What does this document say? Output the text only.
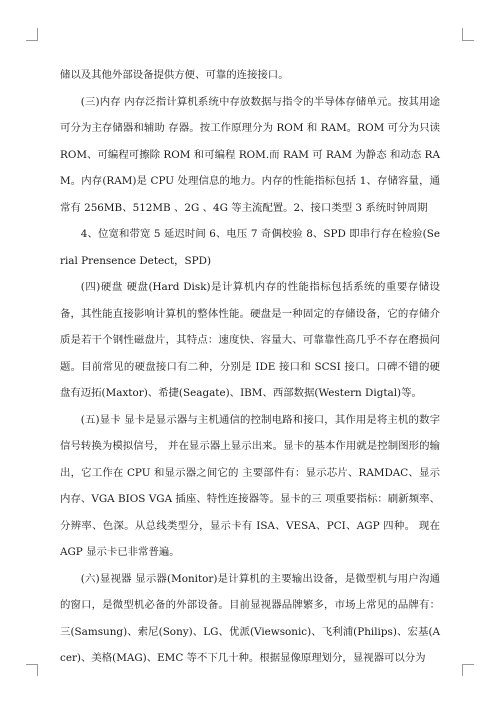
储以及其他外部设备提供方便、可靠的连接接口。

(三)内存 内存泛指计算机系统中存放数据与指令的半导体存储单元。按其用途可分为主存储器和辅助 存器。按工作原理分为 ROM 和 RAM。ROM 可分为只读 ROM、可编程可擦除 ROM 和可编程 ROM.而 RAM 可 RAM 为静态 和动态 RAM。内存(RAM)是 CPU 处理信息的地力。内存的性能指标包括 1、存储容量，通常有 256MB、512MB 、2G 、4G 等主流配置。2、接口类型 3 系统时钟周期

4、位宽和带宽 5 延迟时间 6、电压 7 奇偶校验 8、SPD 即串行存在检验(Serial Prensence Detect，SPD)

(四)硬盘 硬盘(Hard Disk)是计算机内存的性能指标包括系统的重要存储设备，其性能直接影响计算机的整体性能。硬盘是一种固定的存储设备，它的存储介质是若干个钢性磁盘片，其特点：速度快、容量大、可靠靠性高几乎不存在磨损问题。目前常见的硬盘接口有二种，分别是 IDE 接口和 SCSI 接口。口碑不错的硬盘有迈拓(Maxtor)、希捷(Seagate)、IBM、西部数据(Western Digtal)等。

(五)显卡 显卡是显示器与主机通信的控制电路和接口，其作用是将主机的数字信号转换为模拟信号， 并在显示器上显示出来。显卡的基本作用就是控制图形的输出，它工作在 CPU 和显示器之间它的 主要部件有：显示芯片、RAMDAC、显示内存、VGA BIOS VGA 插座、特性连接器等。显卡的三 项重要指标：刷新频率、分辨率、色深。从总线类型分，显示卡有 ISA、VESA、PCI、AGP 四种。 现在 AGP 显示卡已非常普遍。

(六)显视器 显示器(Monitor)是计算机的主要输出设备，是微型机与用户沟通的窗口，是微型机必备的外部设备。目前显视器品牌繁多，市场上常见的品牌有：三(Samsung)、索尼(Sony)、LG、优派(Viewsonic)、飞利浦(Philips)、宏基(Acer)、美格(MAG)、EMC 等不下几十种。根据显像原理划分，显视器可以分为
